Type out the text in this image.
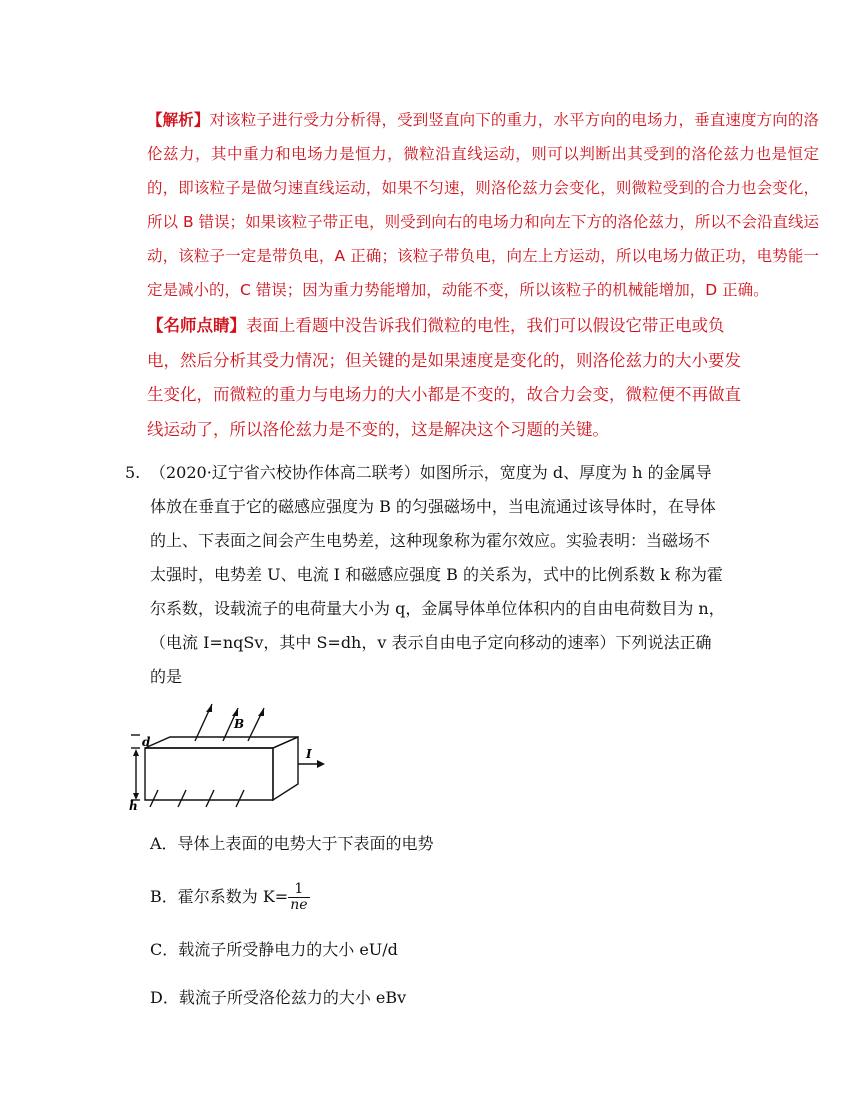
【解析】对该粒子进行受力分析得，受到竖直向下的重力，水平方向的电场力，垂直速度方向的洛伦兹力，其中重力和电场力是恒力，微粒沿直线运动，则可以判断出其受到的洛伦兹力也是恒定的，即该粒子是做匀速直线运动，如果不匀速，则洛伦兹力会变化，则微粒受到的合力也会变化，所以 B 错误；如果该粒子带正电，则受到向右的电场力和向左下方的洛伦兹力，所以不会沿直线运动，该粒子一定是带负电，A 正确；该粒子带负电，向左上方运动，所以电场力做正功，电势能一定是减小的，C 错误；因为重力势能增加，动能不变，所以该粒子的机械能增加，D 正确。
【名师点睛】表面上看题中没告诉我们微粒的电性，我们可以假设它带正电或负电，然后分析其受力情况；但关键的是如果速度是变化的，则洛伦兹力的大小要发生变化，而微粒的重力与电场力的大小都是不变的，故合力会变，微粒便不再做直线运动了，所以洛伦兹力是不变的，这是解决这个习题的关键。
5. （2020·辽宁省六校协作体高二联考）如图所示，宽度为 d、厚度为 h 的金属导体放在垂直于它的磁感应强度为 B 的匀强磁场中，当电流通过该导体时，在导体的上、下表面之间会产生电势差，这种现象称为霍尔效应。实验表明：当磁场不太强时，电势差 U、电流 I 和磁感应强度 B 的关系为，式中的比例系数 k 称为霍尔系数，设载流子的电荷量大小为 q，金属导体单位体积内的自由电荷数目为 n，（电流 I=nqSv，其中 S=dh，v 表示自由电子定向移动的速率）下列说法正确的是
B
I
d
h
A．导体上表面的电势大于下表面的电势
B．霍尔系数为 $K= \frac{1}{ne}$
C．载流子所受静电力的大小 eU/d
D．载流子所受洛伦兹力的大小 eBv
